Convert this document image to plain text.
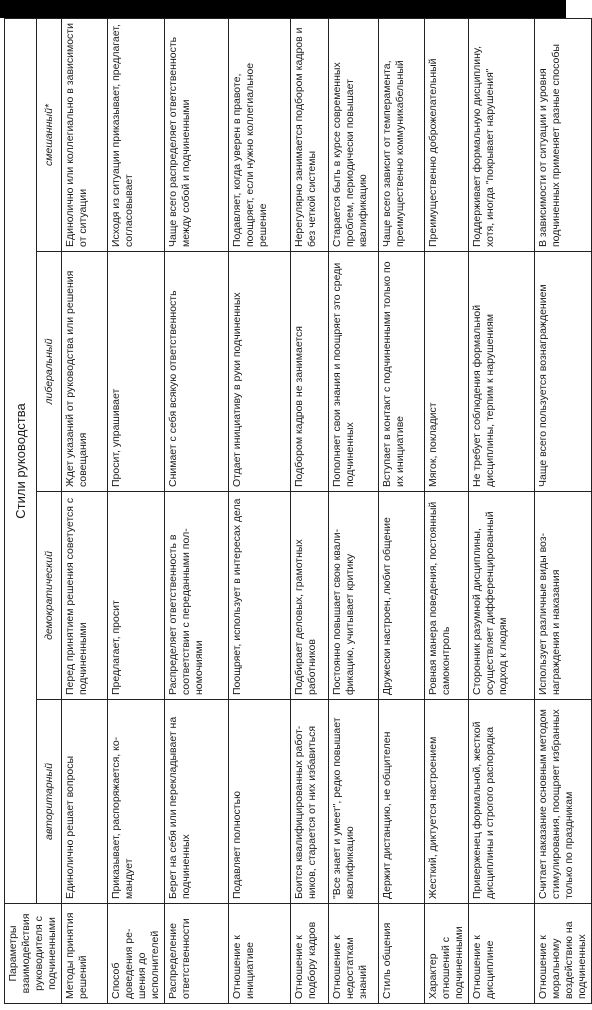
Параметры взаимодействия руководителя с подчиненными	Стили руководства			
	авторитарный	демократический	либеральный	смешанный*
Методы принятия решений	Единолично решает вопросы	Перед принятием решения советуется с подчиненными	Ждет указаний от руководства или решения совещания	Единолично или коллегиально в зависимости от ситуации
Способ доведения решения до исполнителей	Приказывает, распоряжается, командует	Предлагает, просит	Просит, упрашивает	Исходя из ситуации приказывает, предлагает, согласовывает
Распределение ответственности	Берет на себя или перекладывает на подчиненных	Распределяет ответственность в соответствии с переданными полномочиями	Снимает с себя всякую ответственность	Чаще всего распределяет ответственность между собой и подчиненными
Отношение к инициативе	Подавляет полностью	Поощряет, использует в интересах дела	Отдает инициативу в руки подчиненных	Подавляет, когда уверен в правоте, поощряет, если нужно коллегиальное решение
Отношение к подбору кадров	Боится квалифицированных работников, старается от них избавиться	Подбирает деловых, грамотных работников	Подбором кадров не занимается	Нерегулярно занимается подбором кадров и без четкой системы
Отношение к недостаткам знаний	"Все знает и умеет", редко повышает квалификацию	Постоянно повышает свою квалификацию, учитывает критику	Пополняет свои знания и поощряет это среди подчиненных	Старается быть в курсе современных проблем, периодически повышает квалификацию
Стиль общения	Держит дистанцию, не общителен	Дружески настроен, любит общение	Вступает в контакт с подчиненными только по их инициативе	Чаще всего зависит от темперамента, преимущественно коммуникабельный
Характер отношений с подчиненными	Жесткий, диктуется настроением	Ровная манера поведения, постоянный самоконтроль	Мягок, покладист	Преимущественно доброжелательный
Отношение к дисциплине	Приверженец формальной, жесткой дисциплины и строгого распорядка	Сторонник разумной дисциплины, осуществляет дифференцированный подход к людям	Не требует соблюдения формальной дисциплины, терпим к нарушениям	Поддерживает формальную дисциплину, хотя, иногда "покрывает нарушения"
Отношение к моральному воздействию на подчиненных	Считает наказание основным методом стимулирования, поощряет избранных только по праздникам	Использует различные виды вознаграждения и наказания	Чаще всего пользуется вознаграждением	В зависимости от ситуации и уровня подчиненных применяет разные способы
